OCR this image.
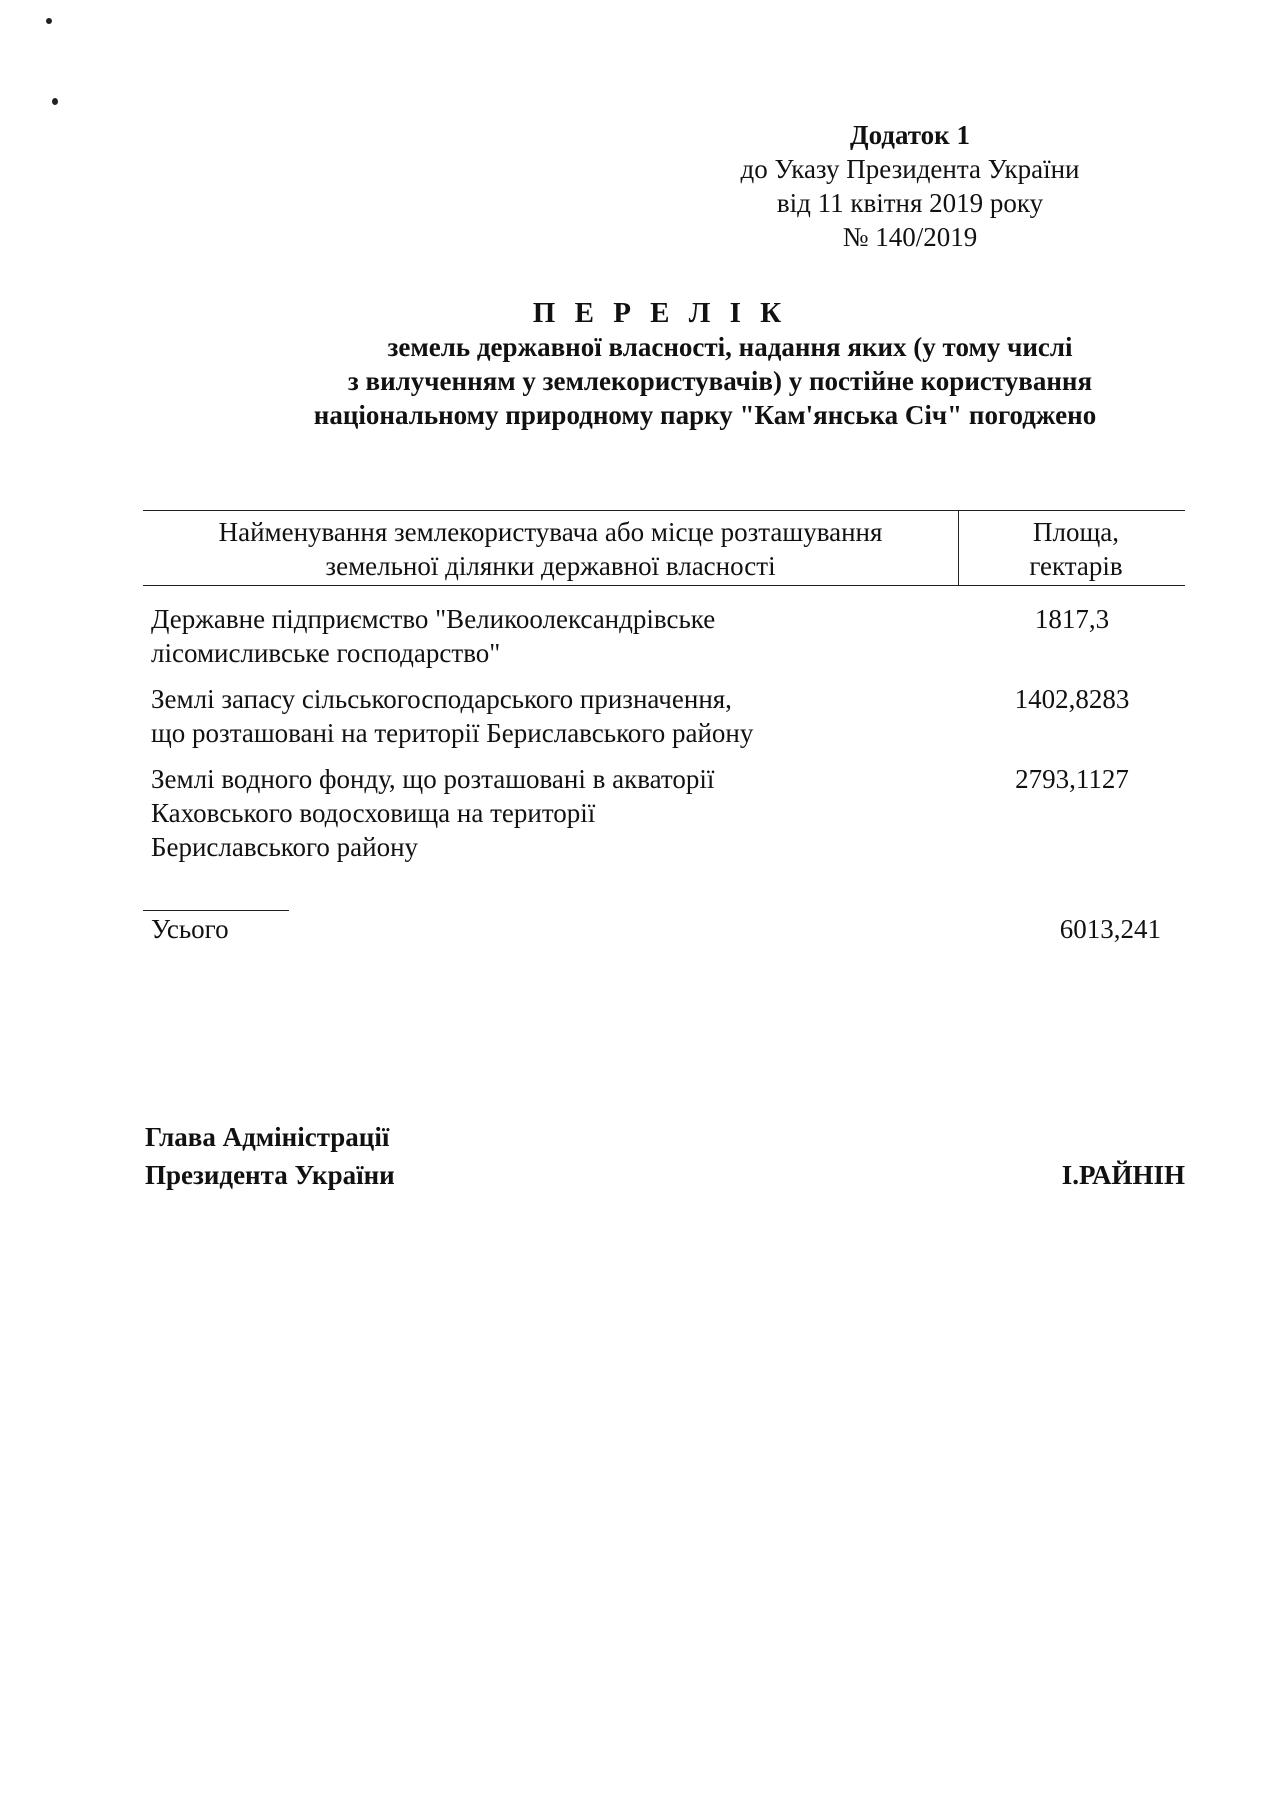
Додаток 1
до Указу Президента України
від 11 квітня 2019 року
№ 140/2019
П Е Р Е Л І К
земель державної власності, надання яких (у тому числі
з вилученням у землекористувачів) у постійне користування
національному природному парку "Кам'янська Січ" погоджено
Найменування землекористувача або місце розташування
земельної ділянки державної власності
Площа,
гектарів
Державне підприємство "Великоолександрівське
лісомисливське господарство"
1817,3
Землі запасу сільськогосподарського призначення,
що розташовані на території Бериславського району
1402,8283
Землі водного фонду, що розташовані в акваторії
Каховського водосховища на території
Бериславського району
2793,1127
Усього	6013,241
Глава Адміністрації
Президента України	І.РАЙНІН
